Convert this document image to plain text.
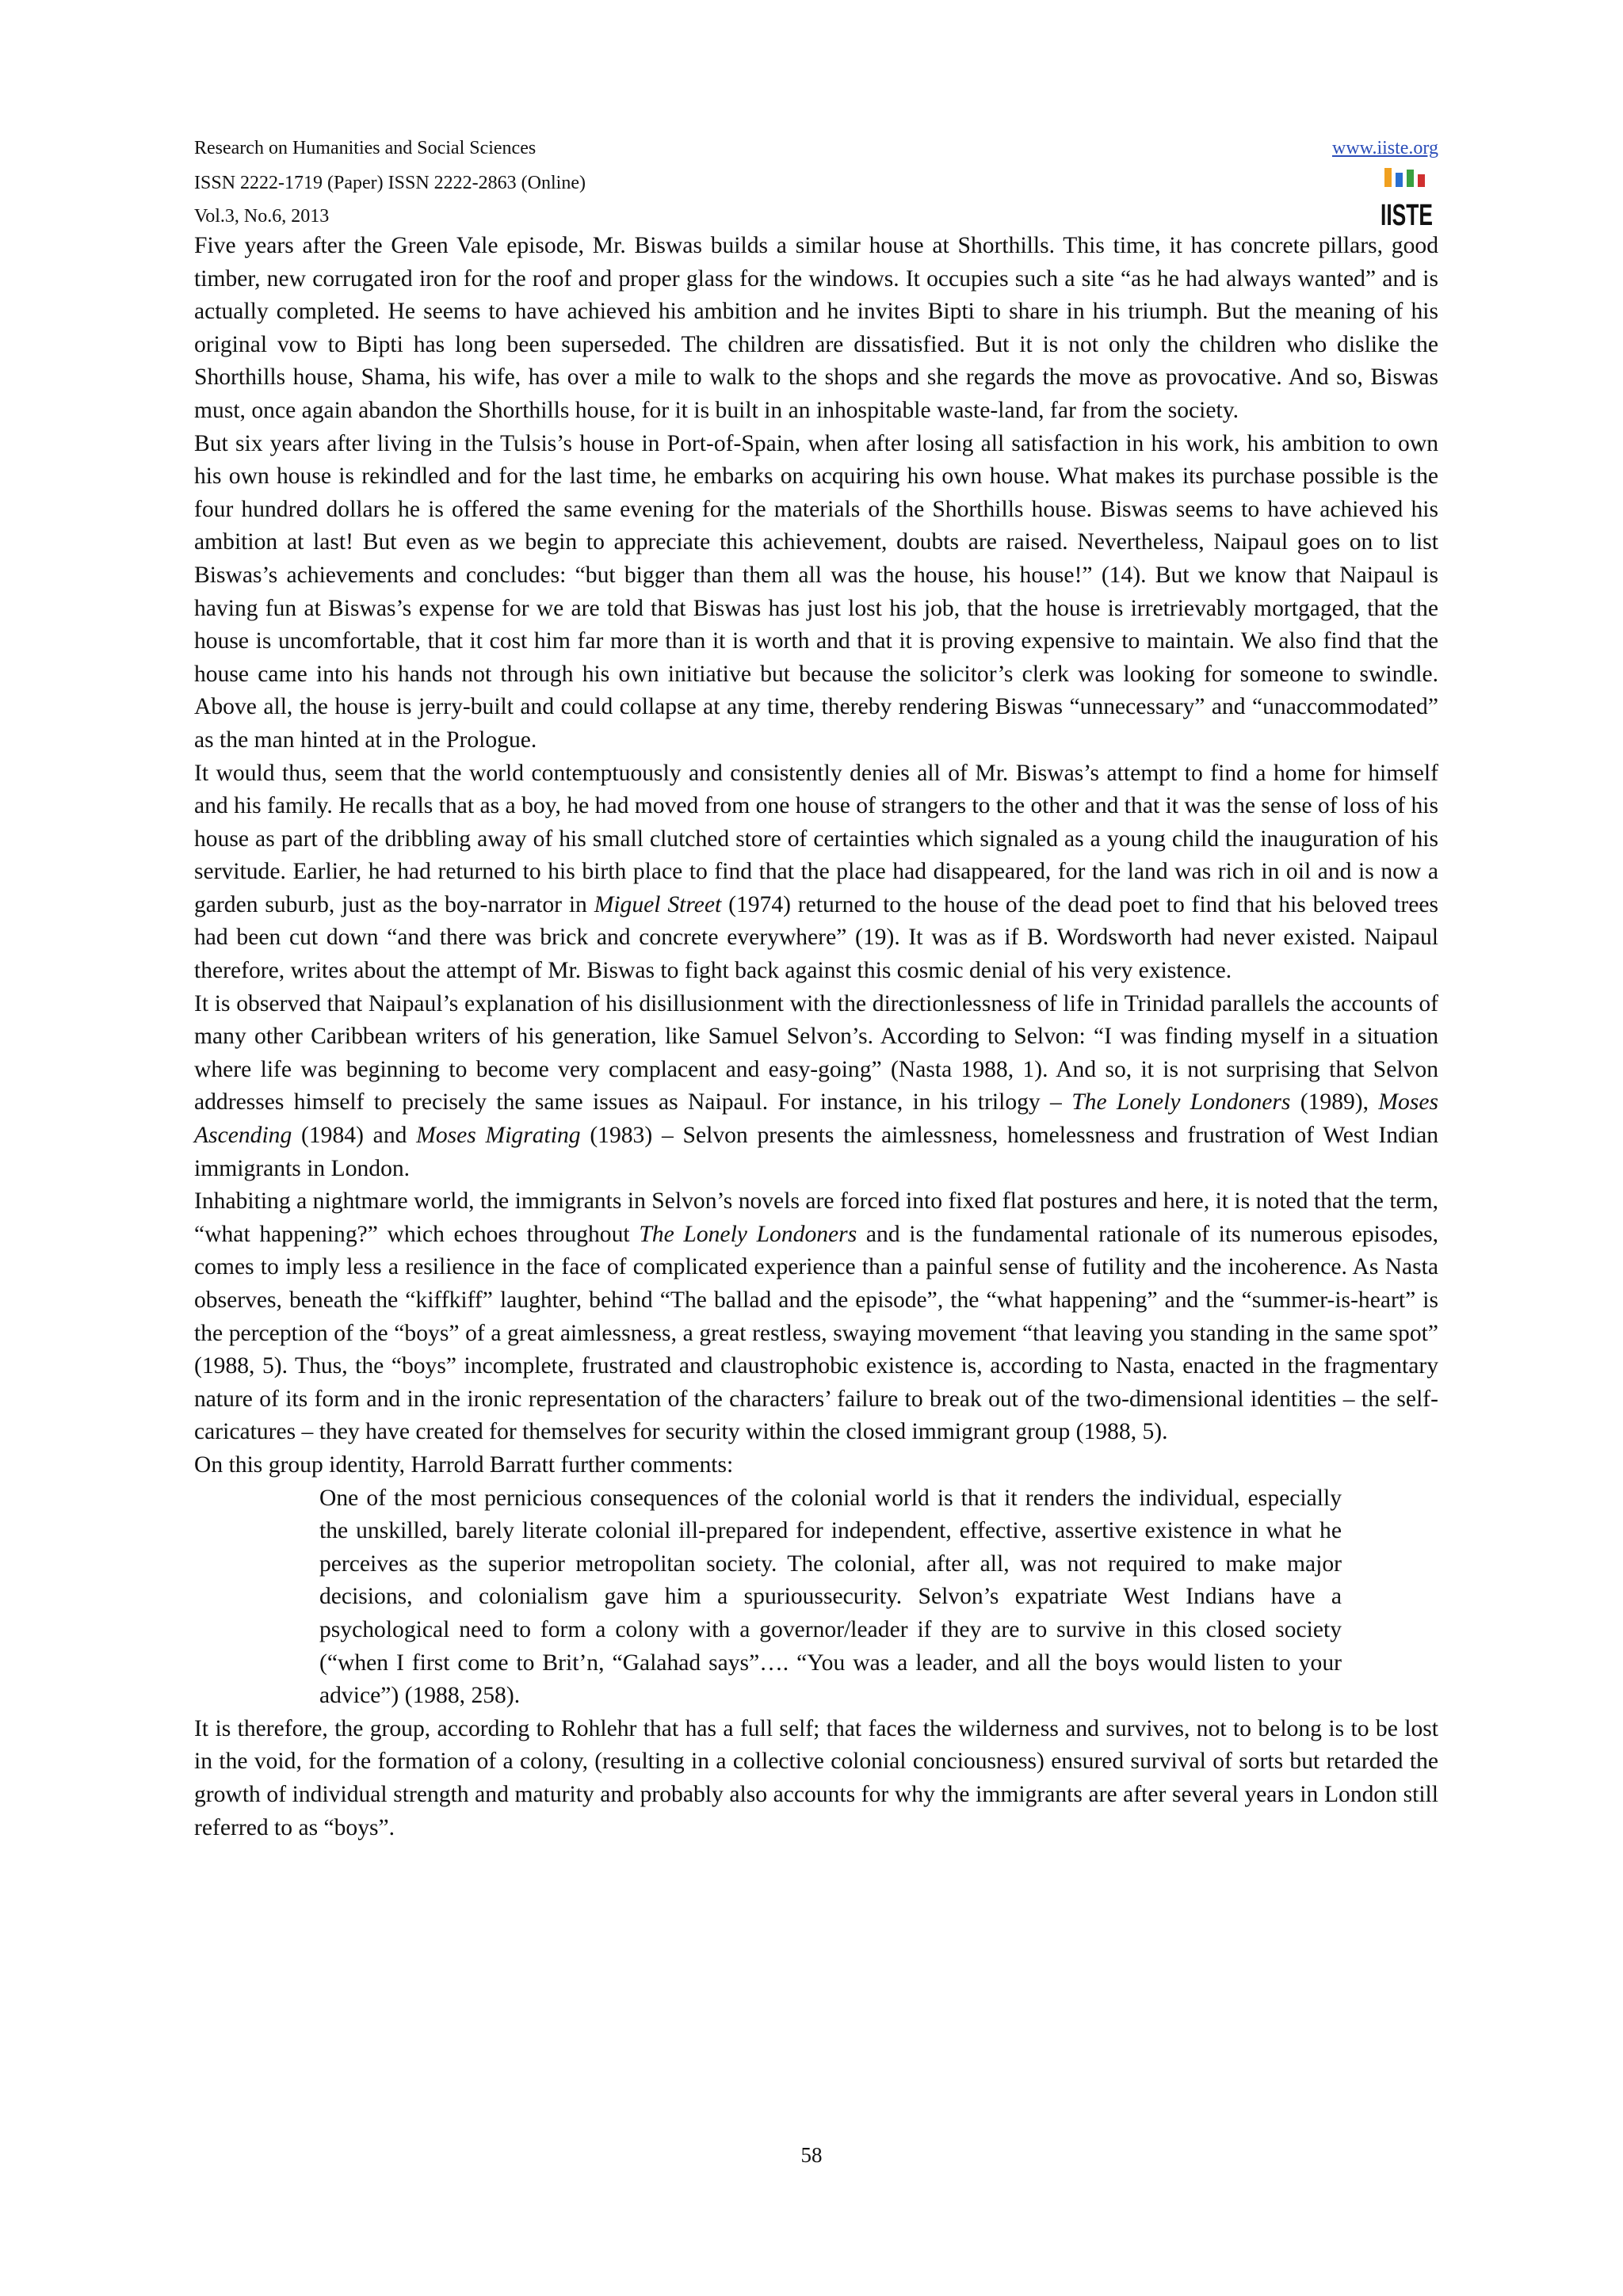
Research on Humanities and Social Sciences
ISSN 2222-1719 (Paper) ISSN 2222-2863 (Online)
Vol.3, No.6, 2013
www.iiste.org
IISTE

Five years after the Green Vale episode, Mr. Biswas builds a similar house at Shorthills. This time, it has concrete pillars, good timber, new corrugated iron for the roof and proper glass for the windows. It occupies such a site “as he had always wanted” and is actually completed. He seems to have achieved his ambition and he invites Bipti to share in his triumph. But the meaning of his original vow to Bipti has long been superseded. The children are dissatisfied. But it is not only the children who dislike the Shorthills house, Shama, his wife, has over a mile to walk to the shops and she regards the move as provocative. And so, Biswas must, once again abandon the Shorthills house, for it is built in an inhospitable waste-land, far from the society.

But six years after living in the Tulsis’s house in Port-of-Spain, when after losing all satisfaction in his work, his ambition to own his own house is rekindled and for the last time, he embarks on acquiring his own house. What makes its purchase possible is the four hundred dollars he is offered the same evening for the materials of the Shorthills house. Biswas seems to have achieved his ambition at last! But even as we begin to appreciate this achievement, doubts are raised. Nevertheless, Naipaul goes on to list Biswas’s achievements and concludes: “but bigger than them all was the house, his house!” (14). But we know that Naipaul is having fun at Biswas’s expense for we are told that Biswas has just lost his job, that the house is irretrievably mortgaged, that the house is uncomfortable, that it cost him far more than it is worth and that it is proving expensive to maintain. We also find that the house came into his hands not through his own initiative but because the solicitor’s clerk was looking for someone to swindle. Above all, the house is jerry-built and could collapse at any time, thereby rendering Biswas “unnecessary” and “unaccommodated” as the man hinted at in the Prologue.

It would thus, seem that the world contemptuously and consistently denies all of Mr. Biswas’s attempt to find a home for himself and his family. He recalls that as a boy, he had moved from one house of strangers to the other and that it was the sense of loss of his house as part of the dribbling away of his small clutched store of certainties which signaled as a young child the inauguration of his servitude. Earlier, he had returned to his birth place to find that the place had disappeared, for the land was rich in oil and is now a garden suburb, just as the boy-narrator in Miguel Street (1974) returned to the house of the dead poet to find that his beloved trees had been cut down “and there was brick and concrete everywhere” (19). It was as if B. Wordsworth had never existed. Naipaul therefore, writes about the attempt of Mr. Biswas to fight back against this cosmic denial of his very existence.

It is observed that Naipaul’s explanation of his disillusionment with the directionlessness of life in Trinidad parallels the accounts of many other Caribbean writers of his generation, like Samuel Selvon’s. According to Selvon: “I was finding myself in a situation where life was beginning to become very complacent and easy-going” (Nasta 1988, 1). And so, it is not surprising that Selvon addresses himself to precisely the same issues as Naipaul. For instance, in his trilogy – The Lonely Londoners (1989), Moses Ascending (1984) and Moses Migrating (1983) – Selvon presents the aimlessness, homelessness and frustration of West Indian immigrants in London.

Inhabiting a nightmare world, the immigrants in Selvon’s novels are forced into fixed flat postures and here, it is noted that the term, “what happening?” which echoes throughout The Lonely Londoners and is the fundamental rationale of its numerous episodes, comes to imply less a resilience in the face of complicated experience than a painful sense of futility and the incoherence. As Nasta observes, beneath the “kiffkiff” laughter, behind “The ballad and the episode”, the “what happening” and the “summer-is-heart” is the perception of the “boys” of a great aimlessness, a great restless, swaying movement “that leaving you standing in the same spot” (1988, 5). Thus, the “boys” incomplete, frustrated and claustrophobic existence is, according to Nasta, enacted in the fragmentary nature of its form and in the ironic representation of the characters’ failure to break out of the two-dimensional identities – the self-caricatures – they have created for themselves for security within the closed immigrant group (1988, 5).

On this group identity, Harrold Barratt further comments:

One of the most pernicious consequences of the colonial world is that it renders the individual, especially the unskilled, barely literate colonial ill-prepared for independent, effective, assertive existence in what he perceives as the superior metropolitan society. The colonial, after all, was not required to make major decisions, and colonialism gave him a spurioussecurity. Selvon’s expatriate West Indians have a psychological need to form a colony with a governor/leader if they are to survive in this closed society (“when I first come to Brit’n, “Galahad says”…. “You was a leader, and all the boys would listen to your advice”) (1988, 258).

It is therefore, the group, according to Rohlehr that has a full self; that faces the wilderness and survives, not to belong is to be lost in the void, for the formation of a colony, (resulting in a collective colonial conciousness) ensured survival of sorts but retarded the growth of individual strength and maturity and probably also accounts for why the immigrants are after several years in London still referred to as “boys”.

58
